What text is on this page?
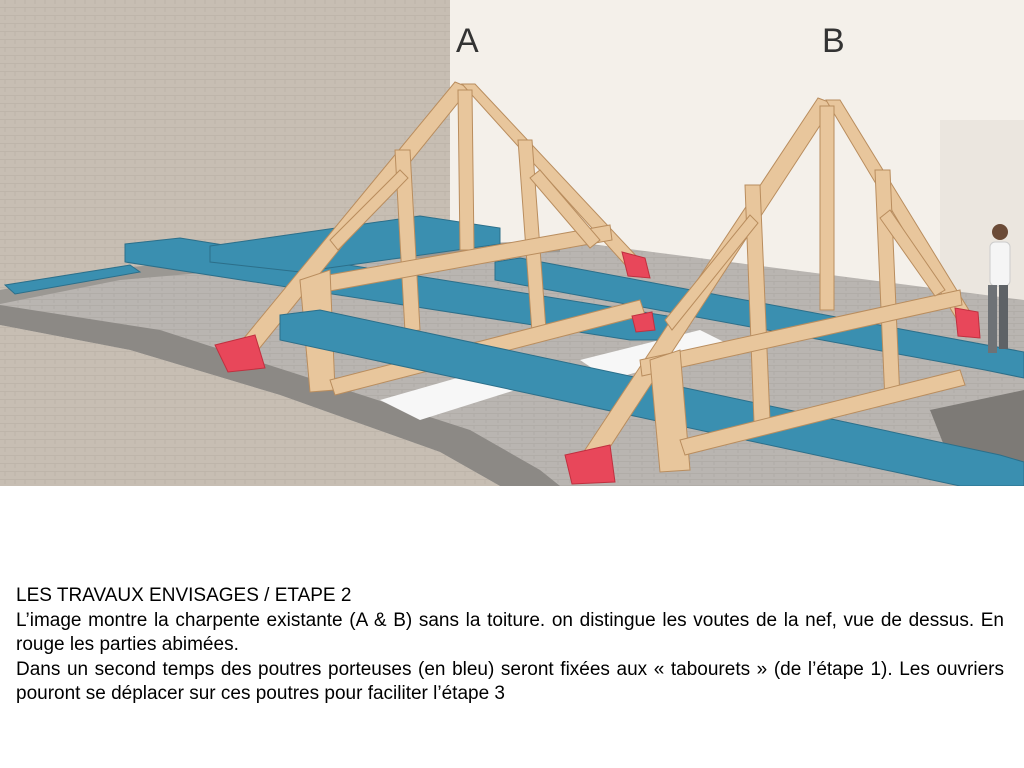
A	B

LES TRAVAUX ENVISAGES / ETAPE 2

L’image montre la charpente existante (A & B) sans la toiture. on distingue les voutes de la nef, vue de dessus. En rouge les parties abimées.

Dans un second temps des poutres porteuses (en bleu) seront fixées aux « tabourets » (de l’étape 1). Les ouvriers pouront se déplacer sur ces poutres pour faciliter l’étape 3
